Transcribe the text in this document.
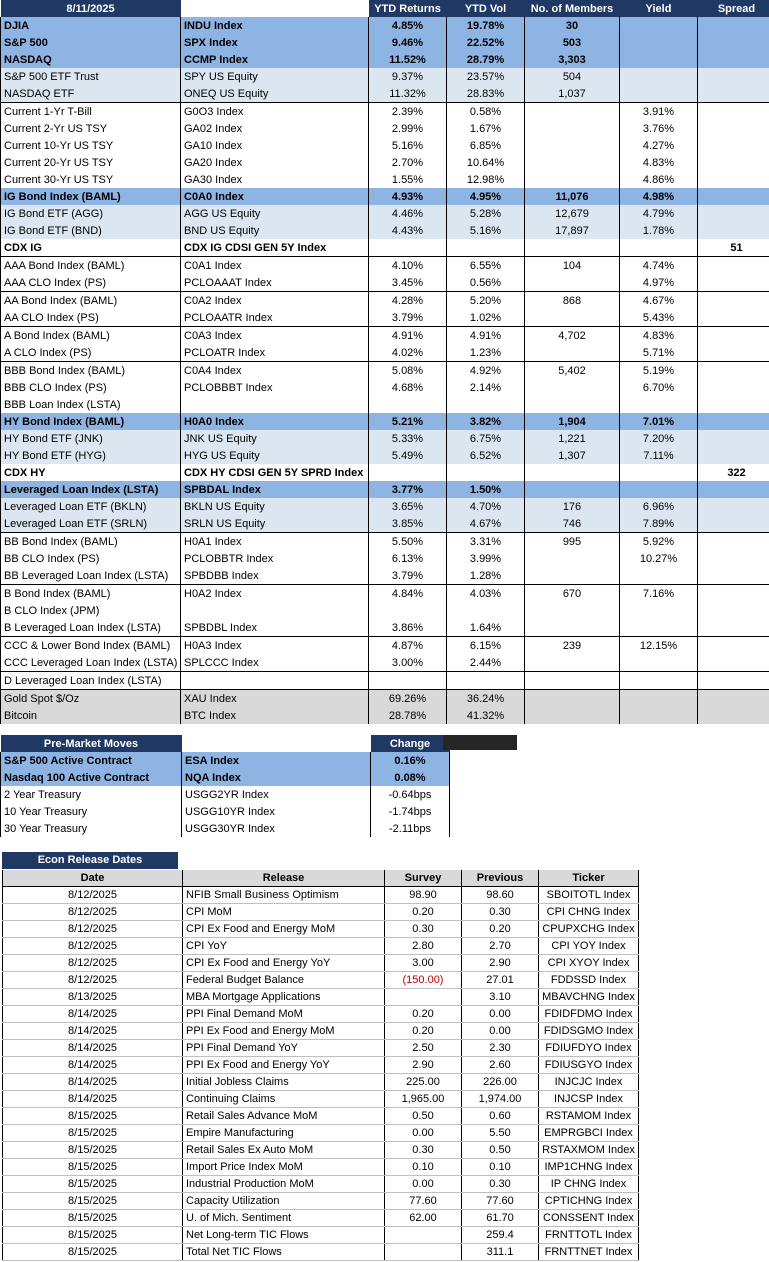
8/11/2025		YTD Returns	YTD Vol	No. of Members	Yield	Spread
DJIA	INDU Index	4.85%	19.78%	30		
S&P 500	SPX Index	9.46%	22.52%	503		
NASDAQ	CCMP Index	11.52%	28.79%	3,303		
S&P 500 ETF Trust	SPY US Equity	9.37%	23.57%	504		
NASDAQ ETF	ONEQ US Equity	11.32%	28.83%	1,037		
Current 1-Yr T-Bill	G0O3 Index	2.39%	0.58%		3.91%	
Current 2-Yr US TSY	GA02 Index	2.99%	1.67%		3.76%	
Current 10-Yr US TSY	GA10 Index	5.16%	6.85%		4.27%	
Current 20-Yr US TSY	GA20 Index	2.70%	10.64%		4.83%	
Current 30-Yr US TSY	GA30 Index	1.55%	12.98%		4.86%	
IG Bond Index (BAML)	C0A0 Index	4.93%	4.95%	11,076	4.98%	
IG Bond ETF (AGG)	AGG US Equity	4.46%	5.28%	12,679	4.79%	
IG Bond ETF (BND)	BND US Equity	4.43%	5.16%	17,897	1.78%	
CDX IG	CDX IG CDSI GEN 5Y Index					51
AAA Bond Index (BAML)	C0A1 Index	4.10%	6.55%	104	4.74%	
AAA CLO Index (PS)	PCLOAAAT Index	3.45%	0.56%		4.97%	
AA Bond Index (BAML)	C0A2 Index	4.28%	5.20%	868	4.67%	
AA CLO Index (PS)	PCLOAATR Index	3.79%	1.02%		5.43%	
A Bond Index (BAML)	C0A3 Index	4.91%	4.91%	4,702	4.83%	
A CLO Index (PS)	PCLOATR Index	4.02%	1.23%		5.71%	
BBB Bond Index (BAML)	C0A4 Index	5.08%	4.92%	5,402	5.19%	
BBB CLO Index (PS)	PCLOBBBT Index	4.68%	2.14%		6.70%	
BBB Loan Index (LSTA)						
HY Bond Index (BAML)	H0A0 Index	5.21%	3.82%	1,904	7.01%	
HY Bond ETF (JNK)	JNK US Equity	5.33%	6.75%	1,221	7.20%	
HY Bond ETF (HYG)	HYG US Equity	5.49%	6.52%	1,307	7.11%	
CDX HY	CDX HY CDSI GEN 5Y SPRD Index					322
Leveraged Loan Index (LSTA)	SPBDAL Index	3.77%	1.50%			
Leveraged Loan ETF (BKLN)	BKLN US Equity	3.65%	4.70%	176	6.96%	
Leveraged Loan ETF (SRLN)	SRLN US Equity	3.85%	4.67%	746	7.89%	
BB Bond Index (BAML)	H0A1 Index	5.50%	3.31%	995	5.92%	
BB CLO Index (PS)	PCLOBBTR Index	6.13%	3.99%		10.27%	
BB Leveraged Loan Index (LSTA)	SPBDBB Index	3.79%	1.28%			
B Bond Index (BAML)	H0A2 Index	4.84%	4.03%	670	7.16%	
B CLO Index (JPM)						
B Leveraged Loan Index (LSTA)	SPBDBL Index	3.86%	1.64%			
CCC & Lower Bond Index (BAML)	H0A3 Index	4.87%	6.15%	239	12.15%	
CCC Leveraged Loan Index (LSTA)	SPLCCC Index	3.00%	2.44%			
D Leveraged Loan Index (LSTA)						
Gold Spot $/Oz	XAU Index	69.26%	36.24%			
Bitcoin	BTC Index	28.78%	41.32%			
Pre-Market Moves		Change
S&P 500 Active Contract	ESA Index	0.16%
Nasdaq 100 Active Contract	NQA Index	0.08%
2 Year Treasury	USGG2YR Index	-0.64bps
10 Year Treasury	USGG10YR Index	-1.74bps
30 Year Treasury	USGG30YR Index	-2.11bps
Econ Release Dates
Date	Release	Survey	Previous	Ticker
8/12/2025	NFIB Small Business Optimism	98.90	98.60	SBOITOTL Index
8/12/2025	CPI MoM	0.20	0.30	CPI CHNG Index
8/12/2025	CPI Ex Food and Energy MoM	0.30	0.20	CPUPXCHG Index
8/12/2025	CPI YoY	2.80	2.70	CPI YOY Index
8/12/2025	CPI Ex Food and Energy YoY	3.00	2.90	CPI XYOY Index
8/12/2025	Federal Budget Balance	(150.00)	27.01	FDDSSD Index
8/13/2025	MBA Mortgage Applications		3.10	MBAVCHNG Index
8/14/2025	PPI Final Demand MoM	0.20	0.00	FDIDFDMO Index
8/14/2025	PPI Ex Food and Energy MoM	0.20	0.00	FDIDSGMO Index
8/14/2025	PPI Final Demand YoY	2.50	2.30	FDIUFDYO Index
8/14/2025	PPI Ex Food and Energy YoY	2.90	2.60	FDIUSGYO Index
8/14/2025	Initial Jobless Claims	225.00	226.00	INJCJC Index
8/14/2025	Continuing Claims	1,965.00	1,974.00	INJCSP Index
8/15/2025	Retail Sales Advance MoM	0.50	0.60	RSTAMOM Index
8/15/2025	Empire Manufacturing	0.00	5.50	EMPRGBCI Index
8/15/2025	Retail Sales Ex Auto MoM	0.30	0.50	RSTAXMOM Index
8/15/2025	Import Price Index MoM	0.10	0.10	IMP1CHNG Index
8/15/2025	Industrial Production MoM	0.00	0.30	IP CHNG Index
8/15/2025	Capacity Utilization	77.60	77.60	CPTICHNG Index
8/15/2025	U. of Mich. Sentiment	62.00	61.70	CONSSENT Index
8/15/2025	Net Long-term TIC Flows		259.4	FRNTTOTL Index
8/15/2025	Total Net TIC Flows		311.1	FRNTTNET Index
